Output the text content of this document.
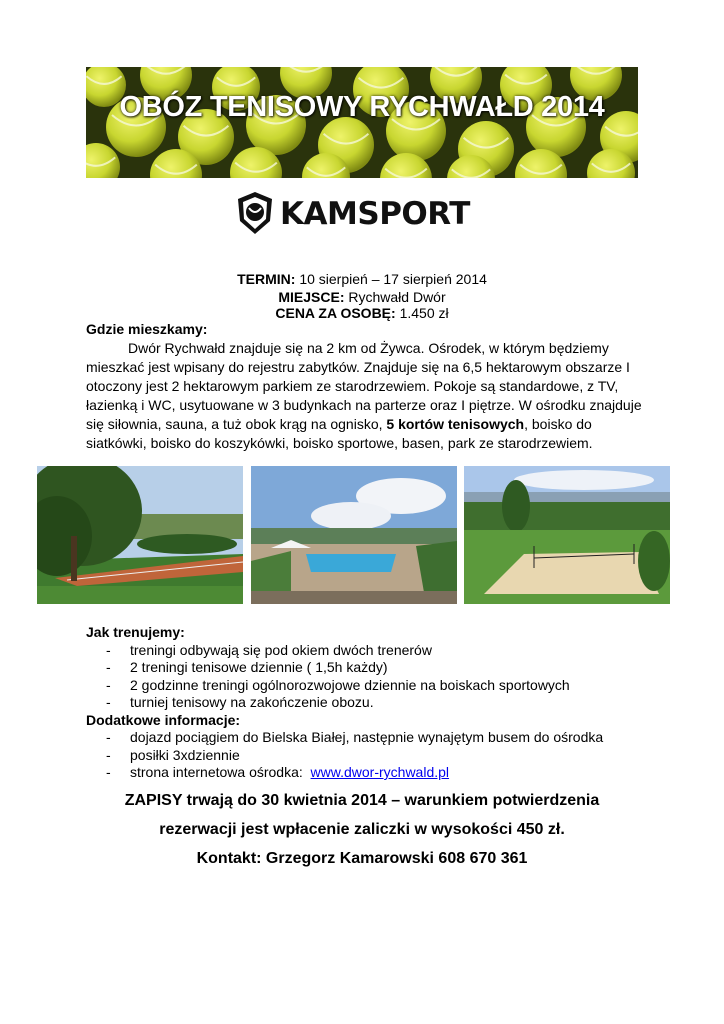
OBÓZ TENISOWY RYCHWAŁD 2014
KAMSPORT
TERMIN: 10 sierpień – 17 sierpień 2014
MIEJSCE: Rychwałd Dwór
CENA ZA OSOBĘ: 1.450 zł
Gdzie mieszkamy:

Dwór Rychwałd znajduje się na 2 km od Żywca. Ośrodek, w którym będziemy mieszkać jest wpisany do rejestru zabytków. Znajduje się na 6,5 hektarowym obszarze I otoczony jest 2 hektarowym parkiem ze starodrzewiem. Pokoje są standardowe, z TV, łazienką i WC, usytuowane w 3 budynkach na parterze oraz I piętrze. W ośrodku znajduje się siłownia, sauna, a tuż obok krąg na ognisko, 5 kortów tenisowych, boisko do siatkówki, boisko do koszykówki, boisko sportowe, basen, park ze starodrzewiem.

Jak trenujemy:
- treningi odbywają się pod okiem dwóch trenerów
- 2 treningi tenisowe dziennie ( 1,5h każdy)
- 2 godzinne treningi ogólnorozwojowe dziennie na boiskach sportowych
- turniej tenisowy na zakończenie obozu.
Dodatkowe informacje:
- dojazd pociągiem do Bielska Białej, następnie wynajętym busem do ośrodka
- posiłki 3xdziennie
- strona internetowa ośrodka: www.dwor-rychwald.pl
ZAPISY trwają do 30 kwietnia 2014 – warunkiem potwierdzenia
rezerwacji jest wpłacenie zaliczki w wysokości 450 zł.
Kontakt: Grzegorz Kamarowski 608 670 361
